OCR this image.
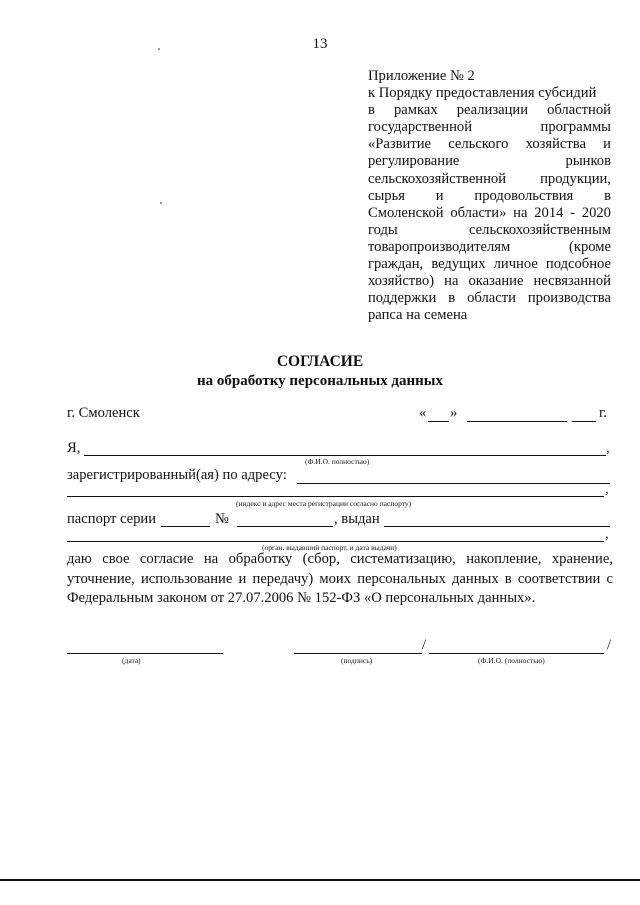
13
Приложение № 2
к Порядку предоставления субсидий
в рамках реализации областной
государственной	программы
«Развитие сельского хозяйства и
регулирование	рынков
сельскохозяйственной продукции,
сырья и продовольствия в
Смоленской области» на 2014 - 2020
годы	сельскохозяйственным
товаропроизводителям	(кроме
граждан, ведущих личное подсобное
хозяйство) на оказание несвязанной
поддержки в области производства
рапса на семена
СОГЛАСИЕ
на обработку персональных данных
г. Смоленск	« »	г.
Я,	,
(Ф.И.О. полностью)
зарегистрированный(ая) по адресу:
,
(индекс и адрес места регистрации согласно паспорту)
паспорт серии	№	, выдан
,
(орган, выдавший паспорт, и дата выдачи)
даю свое согласие на обработку (сбор, систематизацию, накопление, хранение, уточнение, использование и передачу) моих персональных данных в соответствии с Федеральным законом от 27.07.2006 № 152-ФЗ «О персональных данных».
/	/
(дата)	(подпись)	(Ф.И.О. (полностью)
